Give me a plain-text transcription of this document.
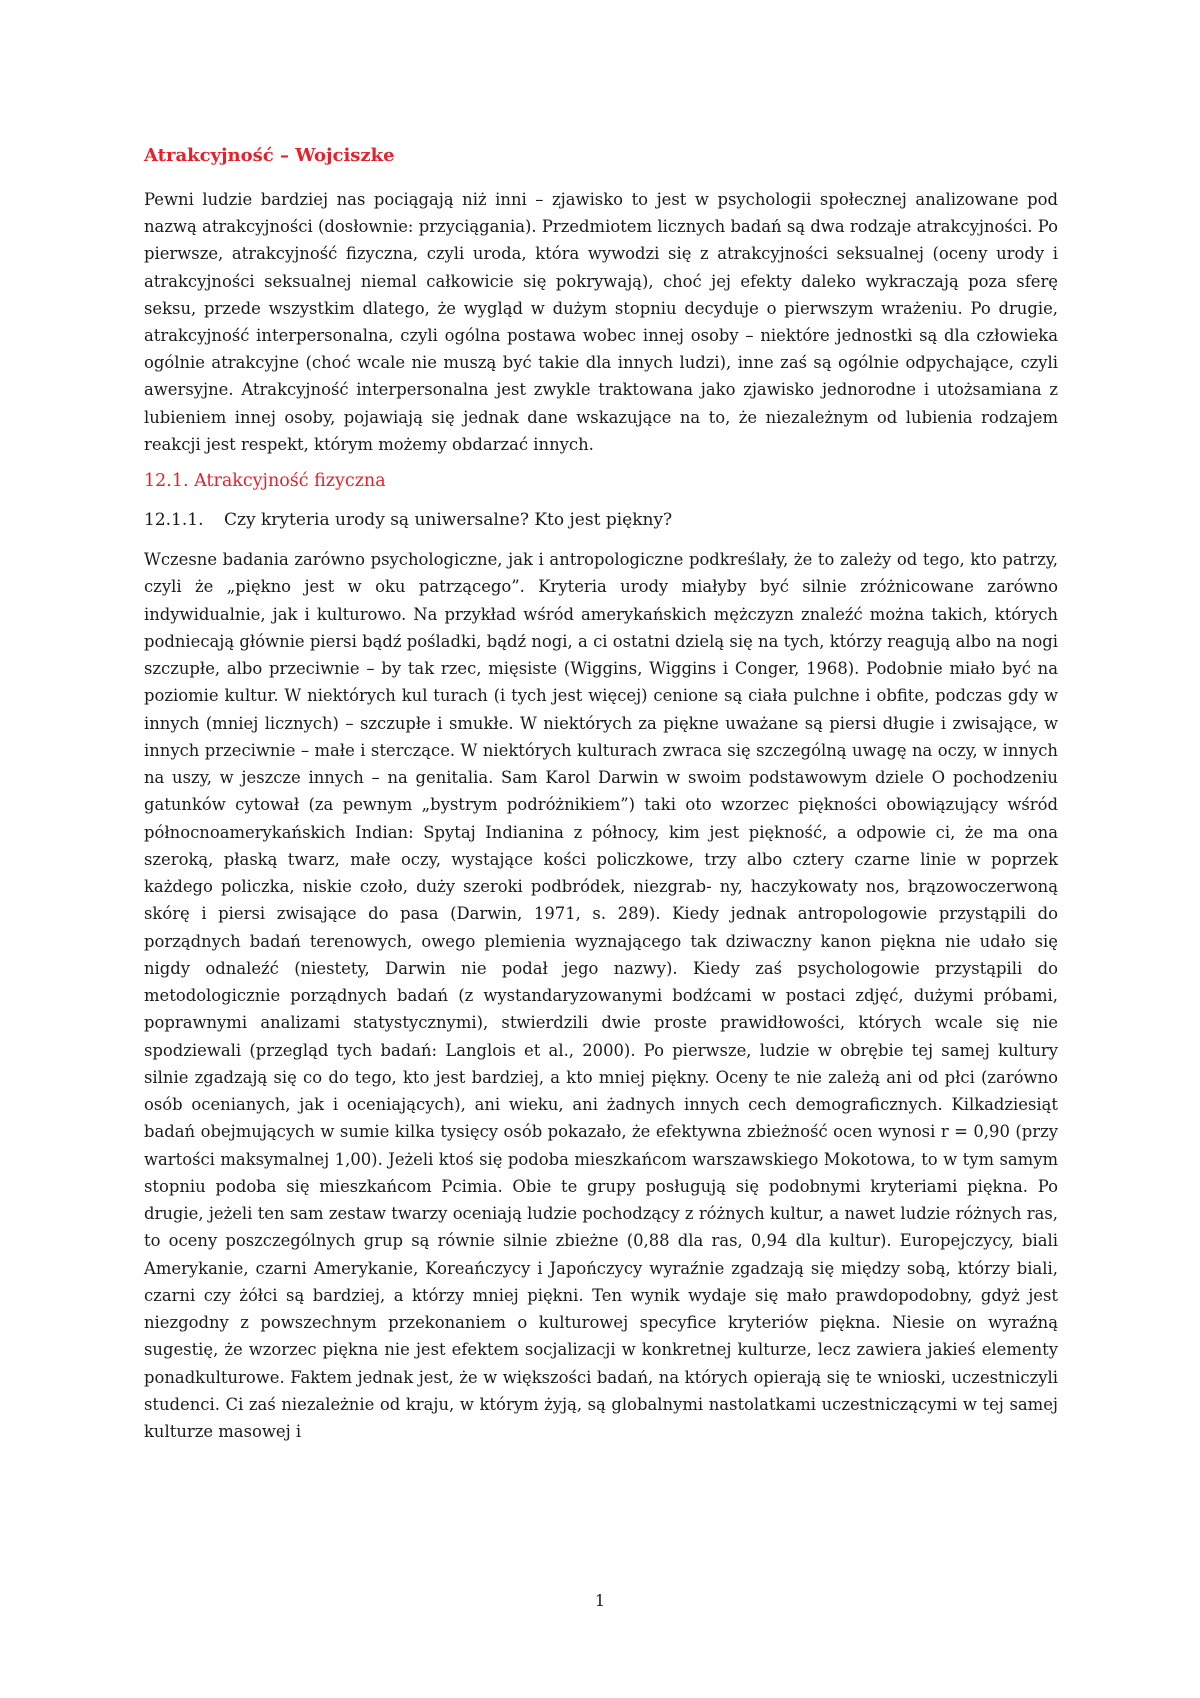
Atrakcyjność – Wojciszke

Pewni ludzie bardziej nas pociągają niż inni – zjawisko to jest w psychologii społecznej analizowane pod nazwą atrakcyjności (dosłownie: przyciągania). Przedmiotem licznych badań są dwa rodzaje atrakcyjności. Po pierwsze, atrakcyjność fizyczna, czyli uroda, która wywodzi się z atrakcyjności seksualnej (oceny urody i atrakcyjności seksualnej niemal całkowicie się pokrywają), choć jej efekty daleko wykraczają poza sferę seksu, przede wszystkim dlatego, że wygląd w dużym stopniu decyduje o pierwszym wrażeniu. Po drugie, atrakcyjność interpersonalna, czyli ogólna postawa wobec innej osoby – niektóre jednostki są dla człowieka ogólnie atrakcyjne (choć wcale nie muszą być takie dla innych ludzi), inne zaś są ogólnie odpychające, czyli awersyjne. Atrakcyjność interpersonalna jest zwykle traktowana jako zjawisko jednorodne i utożsamiana z lubieniem innej osoby, pojawiają się jednak dane wskazujące na to, że niezależnym od lubienia rodzajem reakcji jest respekt, którym możemy obdarzać innych.

12.1. Atrakcyjność fizyczna
12.1.1. Czy kryteria urody są uniwersalne? Kto jest piękny?

Wczesne badania zarówno psychologiczne, jak i antropologiczne podkreślały, że to zależy od tego, kto patrzy, czyli że „piękno jest w oku patrzącego”. Kryteria urody miałyby być silnie zróżnicowane zarówno indywidualnie, jak i kulturowo. Na przykład wśród amerykańskich mężczyzn znaleźć można takich, których podniecają głównie piersi bądź pośladki, bądź nogi, a ci ostatni dzielą się na tych, którzy reagują albo na nogi szczupłe, albo przeciwnie – by tak rzec, mięsiste (Wiggins, Wiggins i Conger, 1968). Podobnie miało być na poziomie kultur. W niektórych kul turach (i tych jest więcej) cenione są ciała pulchne i obfite, podczas gdy w innych (mniej licznych) – szczupłe i smukłe. W niektórych za piękne uważane są piersi długie i zwisające, w innych przeciwnie – małe i sterczące. W niektórych kulturach zwraca się szczególną uwagę na oczy, w innych na uszy, w jeszcze innych – na genitalia. Sam Karol Darwin w swoim podstawowym dziele O pochodzeniu gatunków cytował (za pewnym „bystrym podróżnikiem”) taki oto wzorzec piękności obowiązujący wśród północnoamerykańskich Indian: Spytaj Indianina z północy, kim jest piękność, a odpowie ci, że ma ona szeroką, płaską twarz, małe oczy, wystające kości policzkowe, trzy albo cztery czarne linie w poprzek każdego policzka, niskie czoło, duży szeroki podbródek, niezgrab- ny, haczykowaty nos, brązowoczerwoną skórę i piersi zwisające do pasa (Darwin, 1971, s. 289). Kiedy jednak antropologowie przystąpili do porządnych badań terenowych, owego plemienia wyznającego tak dziwaczny kanon piękna nie udało się nigdy odnaleźć (niestety, Darwin nie podał jego nazwy). Kiedy zaś psychologowie przystąpili do metodologicznie porządnych badań (z wystandaryzowanymi bodźcami w postaci zdjęć, dużymi próbami, poprawnymi analizami statystycznymi), stwierdzili dwie proste prawidłowości, których wcale się nie spodziewali (przegląd tych badań: Langlois et al., 2000). Po pierwsze, ludzie w obrębie tej samej kultury silnie zgadzają się co do tego, kto jest bardziej, a kto mniej piękny. Oceny te nie zależą ani od płci (zarówno osób ocenianych, jak i oceniających), ani wieku, ani żadnych innych cech demograficznych. Kilkadziesiąt badań obejmujących w sumie kilka tysięcy osób pokazało, że efektywna zbieżność ocen wynosi r = 0,90 (przy wartości maksymalnej 1,00). Jeżeli ktoś się podoba mieszkańcom warszawskiego Mokotowa, to w tym samym stopniu podoba się mieszkańcom Pcimia. Obie te grupy posługują się podobnymi kryteriami piękna. Po drugie, jeżeli ten sam zestaw twarzy oceniają ludzie pochodzący z różnych kultur, a nawet ludzie różnych ras, to oceny poszczególnych grup są równie silnie zbieżne (0,88 dla ras, 0,94 dla kultur). Europejczycy, biali Amerykanie, czarni Amerykanie, Koreańczycy i Japończycy wyraźnie zgadzają się między sobą, którzy biali, czarni czy żółci są bardziej, a którzy mniej piękni. Ten wynik wydaje się mało prawdopodobny, gdyż jest niezgodny z powszechnym przekonaniem o kulturowej specyfice kryteriów piękna. Niesie on wyraźną sugestię, że wzorzec piękna nie jest efektem socjalizacji w konkretnej kulturze, lecz zawiera jakieś elementy ponadkulturowe. Faktem jednak jest, że w większości badań, na których opierają się te wnioski, uczestniczyli studenci. Ci zaś niezależnie od kraju, w którym żyją, są globalnymi nastolatkami uczestniczącymi w tej samej kulturze masowej i

1
